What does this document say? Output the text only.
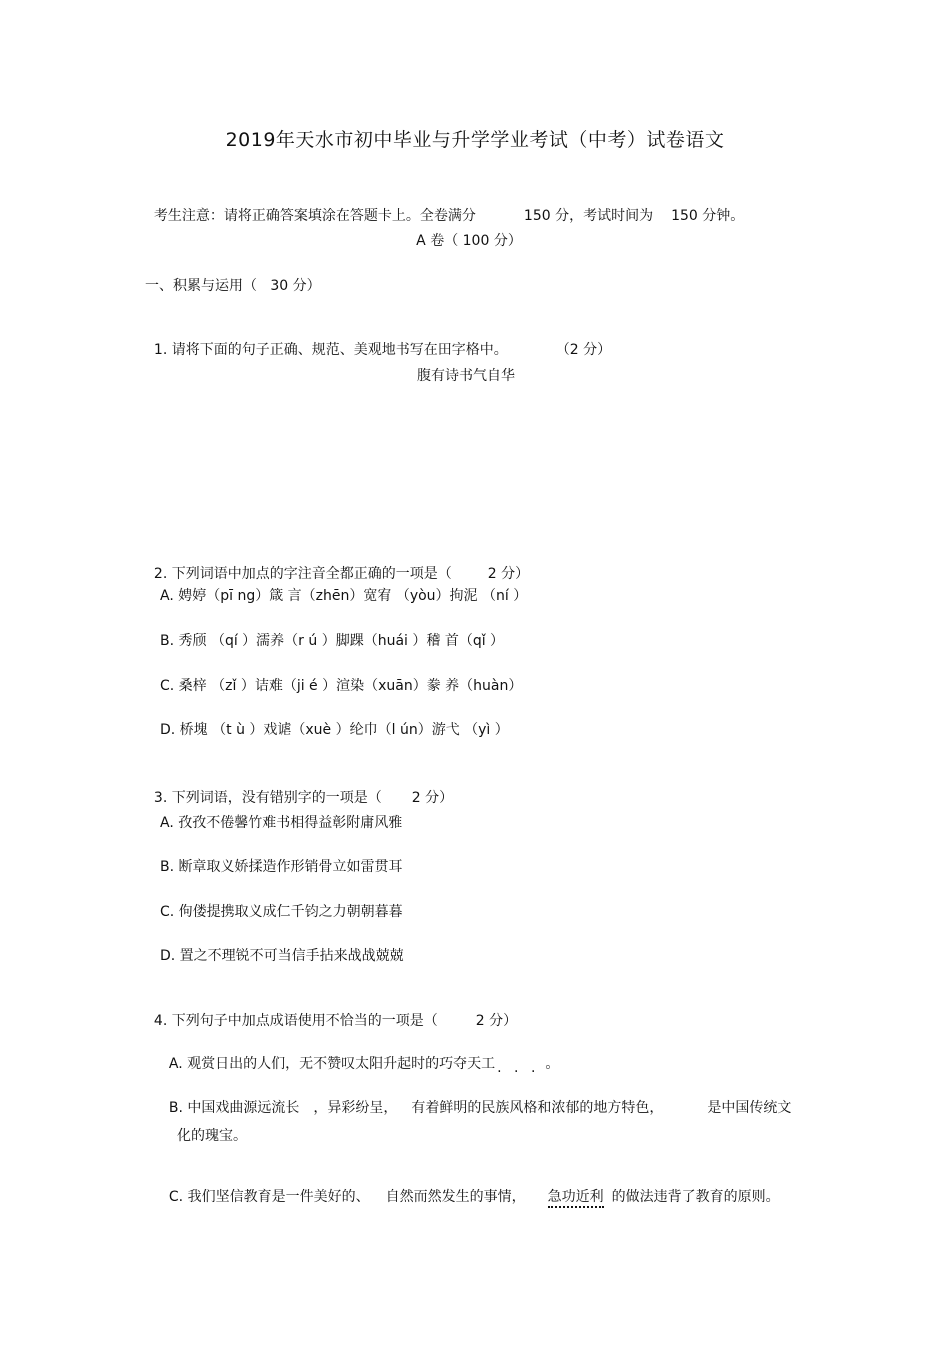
2019年天水市初中毕业与升学学业考试（中考）试卷语文

考生注意：请将正确答案填涂在答题卡上。全卷满分	150 分，考试时间为 150 分钟。

A 卷（ 100 分）
一、积累与运用（   30 分）

1. 请将下面的句子正确、规范、美观地书写在田字格中。	（2 分）

腹有诗书气自华

2. 下列词语中加点的字注音全都正确的一项是（	2 分）

A. 娉婷（pī ng）箴 言（zhēn）宽宥 （yòu）拘泥 （ní ）
B. 秀颀 （qí ）濡养（r ú ）脚踝（huái ）稽 首（qǐ ）
C. 桑梓 （zǐ ）诘难（ji é ）渲染（xuān）豢 养（huàn）
D. 桥塊 （t ù ）戏谑（xuè ）纶巾（l ún）游弋 （yì ）

3. 下列词语，没有错别字的一项是（ 2 分）

A. 孜孜不倦馨竹难书相得益彰附庸风雅
B. 断章取义娇揉造作形销骨立如雷贯耳
C. 佝偻提携取义成仁千钧之力朝朝暮暮
D. 置之不理锐不可当信手拈来战战兢兢

4. 下列句子中加点成语使用不恰当的一项是（	2 分）

A. 观赏日出的人们，无不赞叹太阳升起时的巧夺天工 . . . 。

B. 中国戏曲源远流长 ，异彩纷呈， 有着鲜明的民族风格和浓郁的地方特色，	是中国传统文

化的瑰宝。

C. 我们坚信教育是一件美好的、 自然而然发生的事情， 急功近利 的做法违背了教育的原则。
